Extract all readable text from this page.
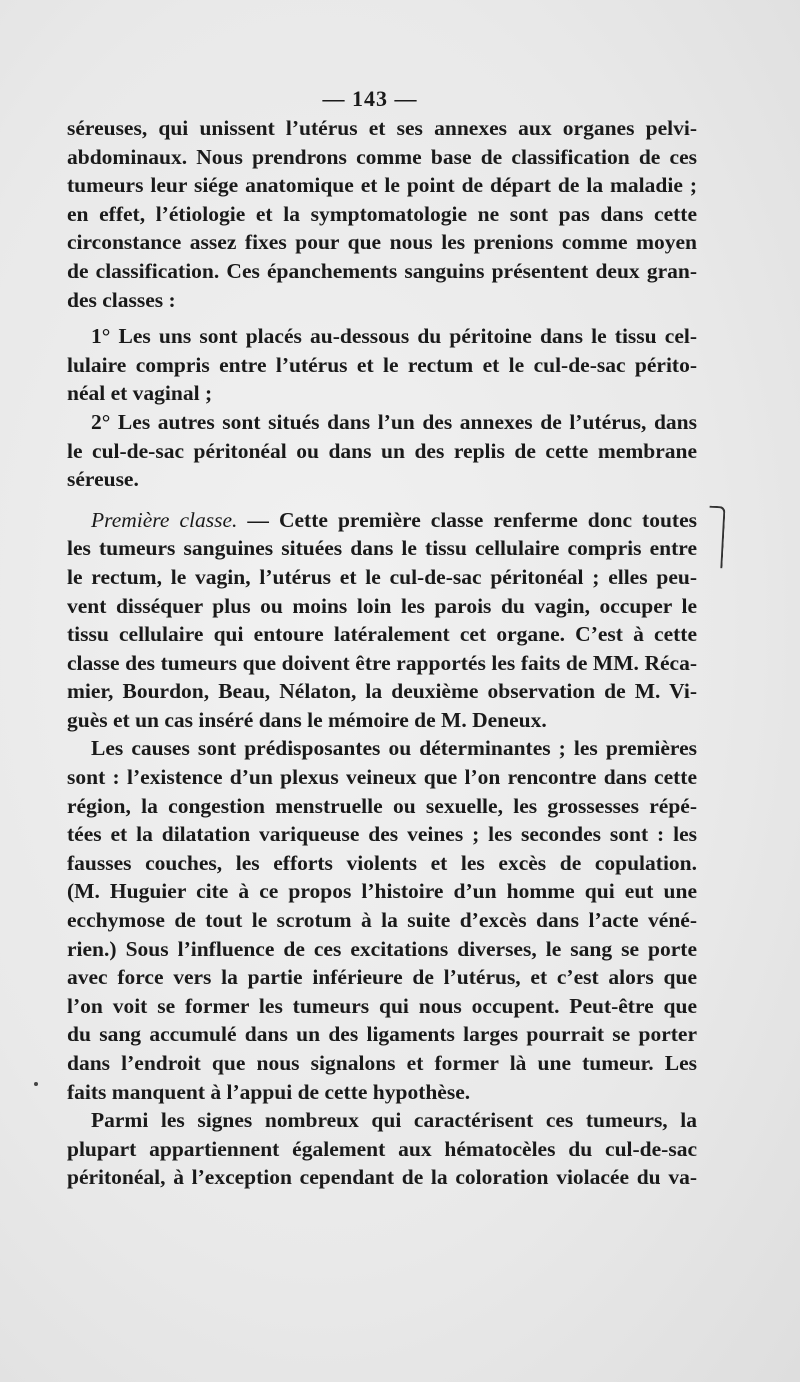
— 143 —
séreuses, qui unissent l’utérus et ses annexes aux organes pelvi-
abdominaux. Nous prendrons comme base de classification de ces
tumeurs leur siége anatomique et le point de départ de la maladie ;
en effet, l’étiologie et la symptomatologie ne sont pas dans cette
circonstance assez fixes pour que nous les prenions comme moyen
de classification. Ces épanchements sanguins présentent deux gran-
des classes :
1° Les uns sont placés au-dessous du péritoine dans le tissu cel-
lulaire compris entre l’utérus et le rectum et le cul-de-sac périto-
néal et vaginal ;
2° Les autres sont situés dans l’un des annexes de l’utérus, dans
le cul-de-sac péritonéal ou dans un des replis de cette membrane
séreuse.
Première classe. — Cette première classe renferme donc toutes
les tumeurs sanguines situées dans le tissu cellulaire compris entre
le rectum, le vagin, l’utérus et le cul-de-sac péritonéal ; elles peu-
vent disséquer plus ou moins loin les parois du vagin, occuper le
tissu cellulaire qui entoure latéralement cet organe. C’est à cette
classe des tumeurs que doivent être rapportés les faits de MM. Réca-
mier, Bourdon, Beau, Nélaton, la deuxième observation de M. Vi-
guès et un cas inséré dans le mémoire de M. Deneux.
Les causes sont prédisposantes ou déterminantes ; les premières
sont : l’existence d’un plexus veineux que l’on rencontre dans cette
région, la congestion menstruelle ou sexuelle, les grossesses répé-
tées et la dilatation variqueuse des veines ; les secondes sont : les
fausses couches, les efforts violents et les excès de copulation.
(M. Huguier cite à ce propos l’histoire d’un homme qui eut une
ecchymose de tout le scrotum à la suite d’excès dans l’acte véné-
rien.) Sous l’influence de ces excitations diverses, le sang se porte
avec force vers la partie inférieure de l’utérus, et c’est alors que
l’on voit se former les tumeurs qui nous occupent. Peut-être que
du sang accumulé dans un des ligaments larges pourrait se porter
dans l’endroit que nous signalons et former là une tumeur. Les
faits manquent à l’appui de cette hypothèse.
Parmi les signes nombreux qui caractérisent ces tumeurs, la
plupart appartiennent également aux hématocèles du cul-de-sac
péritonéal, à l’exception cependant de la coloration violacée du va-
